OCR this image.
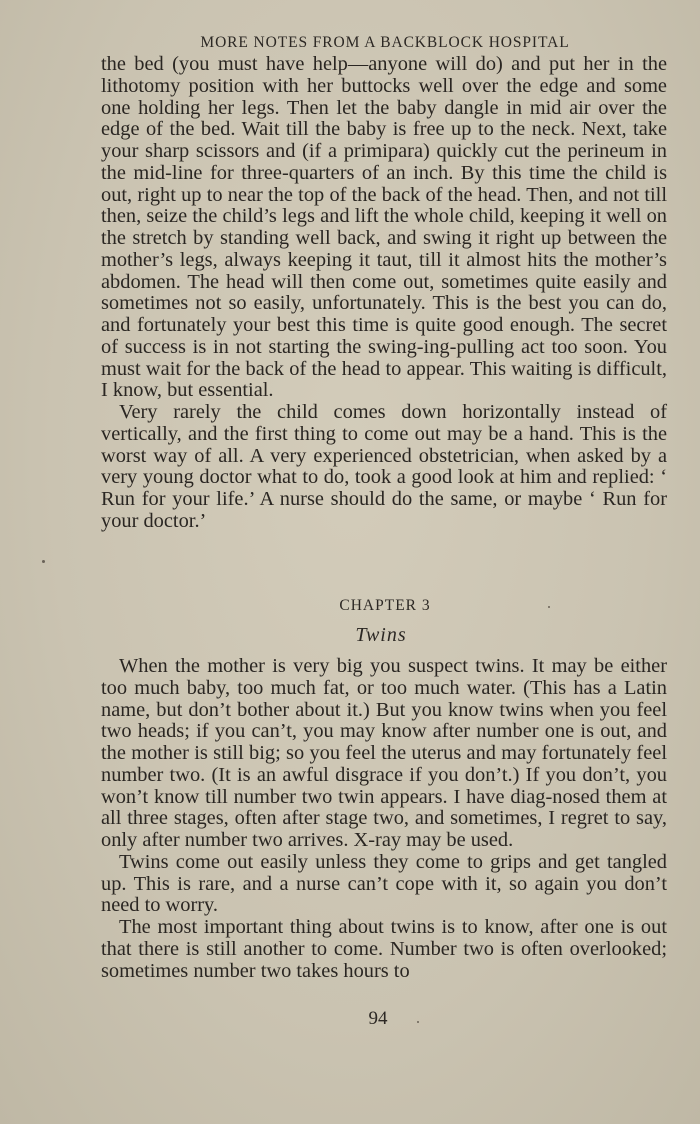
MORE NOTES FROM A BACKBLOCK HOSPITAL

the bed (you must have help—anyone will do) and put her in the lithotomy position with her buttocks well over the edge and some one holding her legs. Then let the baby dangle in mid air over the edge of the bed. Wait till the baby is free up to the neck. Next, take your sharp scissors and (if a primipara) quickly cut the perineum in the mid-line for three-quarters of an inch. By this time the child is out, right up to near the top of the back of the head. Then, and not till then, seize the child’s legs and lift the whole child, keeping it well on the stretch by standing well back, and swing it right up between the mother’s legs, always keeping it taut, till it almost hits the mother’s abdomen. The head will then come out, sometimes quite easily and sometimes not so easily, unfortunately. This is the best you can do, and fortunately your best this time is quite good enough. The secret of success is in not starting the swing-ing-pulling act too soon. You must wait for the back of the head to appear. This waiting is difficult, I know, but essential.

Very rarely the child comes down horizontally instead of vertically, and the first thing to come out may be a hand. This is the worst way of all. A very experienced obstetrician, when asked by a very young doctor what to do, took a good look at him and replied: ‘ Run for your life.’ A nurse should do the same, or maybe ‘ Run for your doctor.’

CHAPTER 3
Twins

When the mother is very big you suspect twins. It may be either too much baby, too much fat, or too much water. (This has a Latin name, but don’t bother about it.) But you know twins when you feel two heads; if you can’t, you may know after number one is out, and the mother is still big; so you feel the uterus and may fortunately feel number two. (It is an awful disgrace if you don’t.) If you don’t, you won’t know till number two twin appears. I have diag-nosed them at all three stages, often after stage two, and sometimes, I regret to say, only after number two arrives. X-ray may be used.

Twins come out easily unless they come to grips and get tangled up. This is rare, and a nurse can’t cope with it, so again you don’t need to worry.

The most important thing about twins is to know, after one is out that there is still another to come. Number two is often overlooked; sometimes number two takes hours to

94
